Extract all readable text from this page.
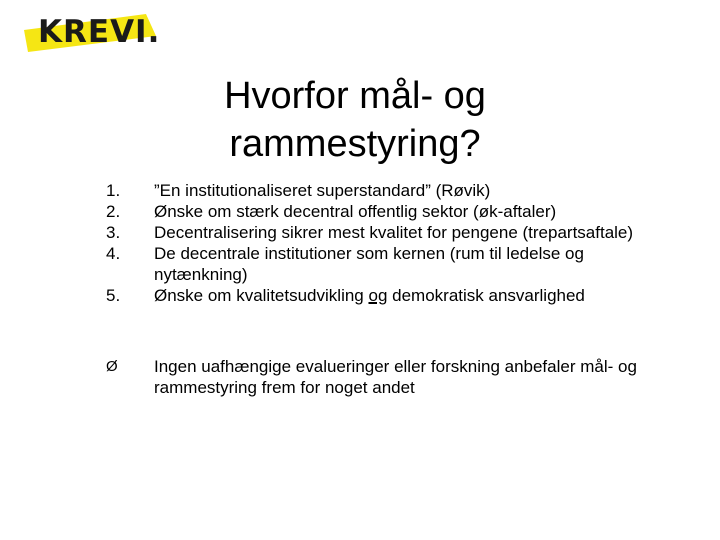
KREVI.
Hvorfor mål- og
rammestyring?
1.	”En institutionaliseret superstandard” (Røvik)
2.	Ønske om stærk decentral offentlig sektor (øk-aftaler)
3.	Decentralisering sikrer mest kvalitet for pengene (trepartsaftale)
4.	De decentrale institutioner som kernen (rum til ledelse og nytænkning)
5.	Ønske om kvalitetsudvikling og demokratisk ansvarlighed
Ø	Ingen uafhængige evalueringer eller forskning anbefaler mål- og rammestyring frem for noget andet
